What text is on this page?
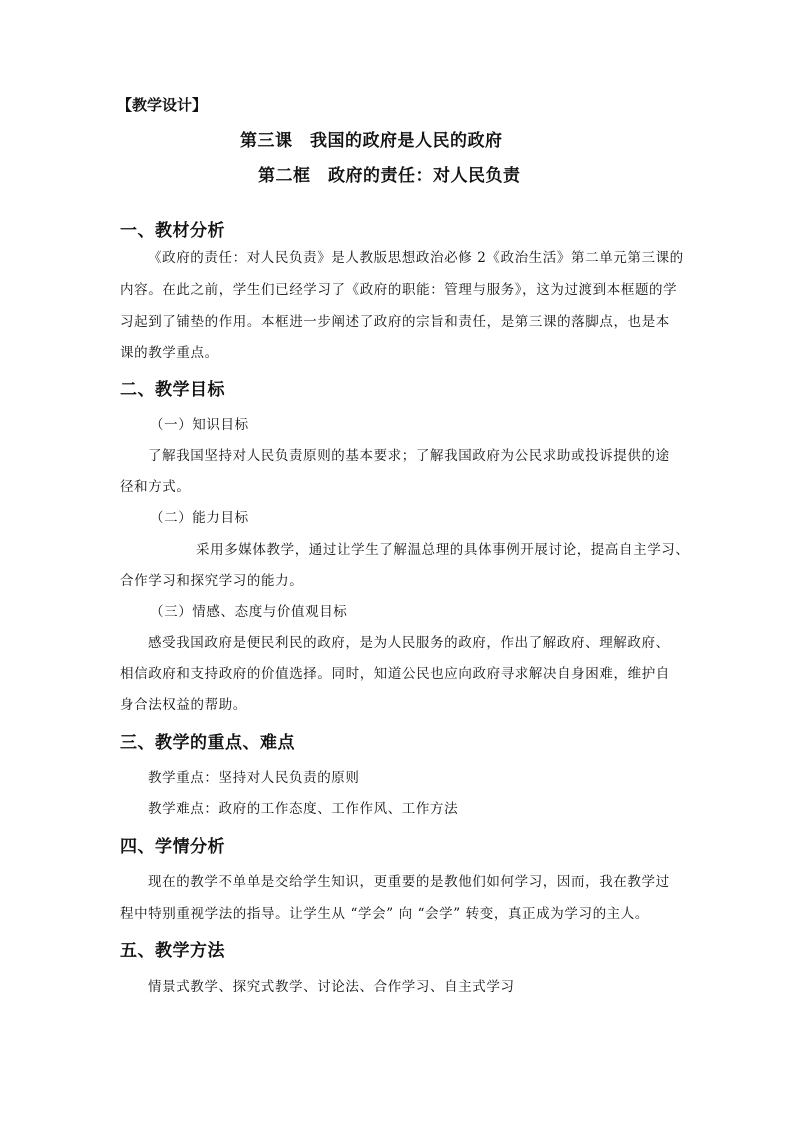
【教学设计】
第三课　我国的政府是人民的政府
第二框　政府的责任：对人民负责
一、教材分析
《政府的责任：对人民负责》是人教版思想政治必修 2《政治生活》第二单元第三课的
内容。在此之前，学生们已经学习了《政府的职能：管理与服务》，这为过渡到本框题的学
习起到了铺垫的作用。本框进一步阐述了政府的宗旨和责任，是第三课的落脚点，也是本
课的教学重点。
二、教学目标
（一）知识目标
了解我国坚持对人民负责原则的基本要求；了解我国政府为公民求助或投诉提供的途
径和方式。
（二）能力目标
采用多媒体教学，通过让学生了解温总理的具体事例开展讨论，提高自主学习、
合作学习和探究学习的能力。
（三）情感、态度与价值观目标
感受我国政府是便民利民的政府，是为人民服务的政府，作出了解政府、理解政府、
相信政府和支持政府的价值选择。同时，知道公民也应向政府寻求解决自身困难，维护自
身合法权益的帮助。
三、教学的重点、难点
教学重点：坚持对人民负责的原则
教学难点：政府的工作态度、工作作风、工作方法
四、学情分析
现在的教学不单单是交给学生知识，更重要的是教他们如何学习，因而，我在教学过
程中特别重视学法的指导。让学生从 “学会” 向 “会学” 转变，真正成为学习的主人。
五、教学方法
情景式教学、探究式教学、讨论法、合作学习、自主式学习
